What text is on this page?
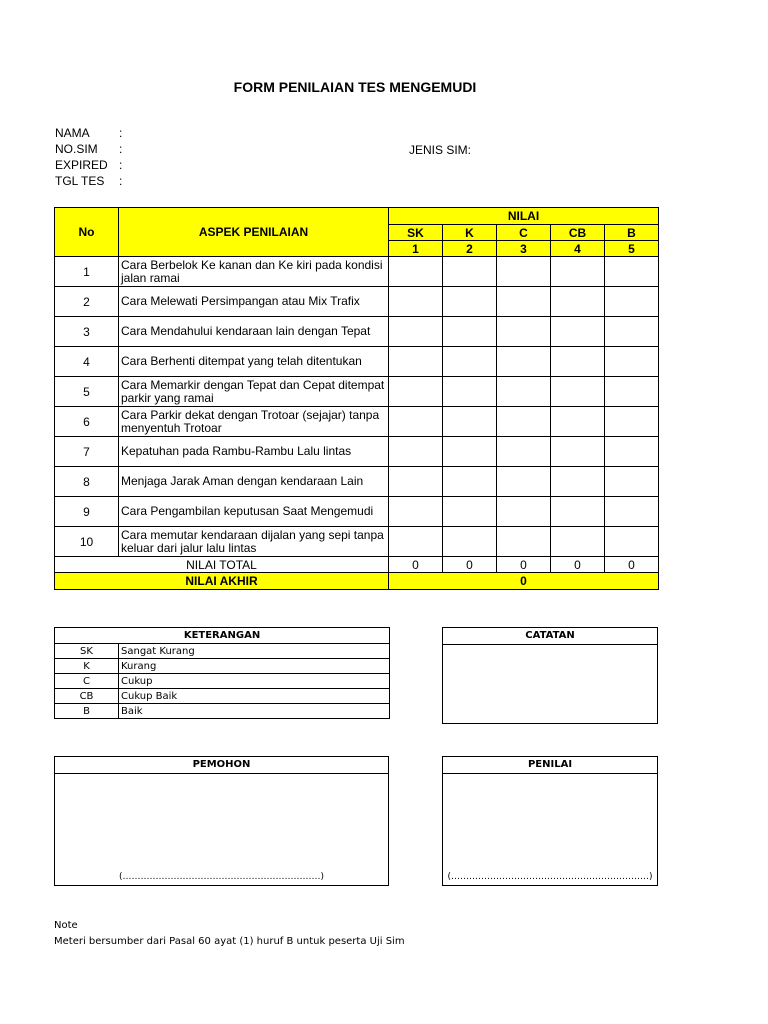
FORM PENILAIAN TES MENGEMUDI
NAMA	:
NO.SIM	:
EXPIRED :
TGL TES	:
JENIS SIM:
No	ASPEK PENILAIAN	NILAI				
		SK	K	C	CB	B
		1	2	3	4	5
1	Cara Berbelok Ke kanan dan Ke kiri pada kondisi jalan ramai					
2	Cara Melewati Persimpangan atau Mix Trafix					
3	Cara Mendahului kendaraan lain dengan Tepat					
4	Cara Berhenti ditempat yang telah ditentukan					
5	Cara Memarkir dengan Tepat dan Cepat ditempat parkir yang ramai					
6	Cara Parkir dekat dengan Trotoar (sejajar) tanpa menyentuh Trotoar					
7	Kepatuhan pada Rambu-Rambu Lalu lintas					
8	Menjaga Jarak Aman dengan kendaraan Lain					
9	Cara Pengambilan keputusan Saat Mengemudi					
10	Cara memutar kendaraan dijalan yang sepi tanpa keluar dari jalur lalu lintas					
NILAI TOTAL		0	0	0	0	0
NILAI AKHIR		0				
KETERANGAN	
SK	Sangat Kurang
K	Kurang
C	Cukup
CB	Cukup Baik
B	Baik
CATATAN
PEMOHON
(…………………………………………………………)
PENILAI
(…………………………………………………………)
Note
Meteri bersumber dari Pasal 60 ayat (1) huruf B untuk peserta Uji Sim
